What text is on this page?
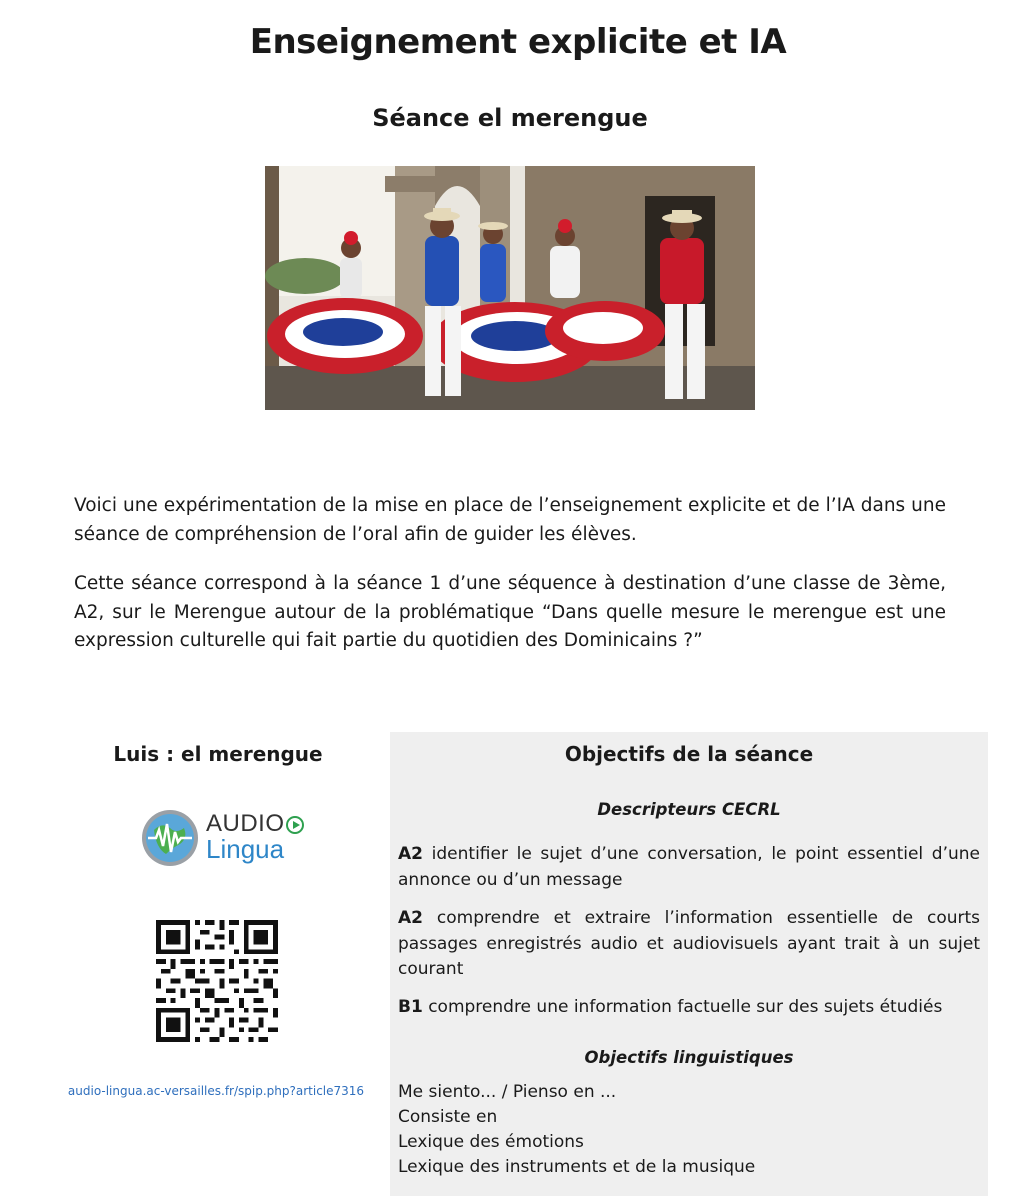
Enseignement explicite et IA
Séance el merengue

Voici une expérimentation de la mise en place de l’enseignement explicite et de l’IA dans une séance de compréhension de l’oral afin de guider les élèves.

Cette séance correspond à la séance 1 d’une séquence à destination d’une classe de 3ème, A2, sur le Merengue autour de la problématique “Dans quelle mesure le merengue est une expression culturelle qui fait partie du quotidien des Dominicains ?”

Luis : el merengue
AUDIO
Lingua
audio-lingua.ac-versailles.fr/spip.php?article7316
Objectifs de la séance

Descripteurs CECRL

A2 identifier le sujet d’une conversation, le point essentiel d’une annonce ou d’un message

A2 comprendre et extraire l’information essentielle de courts passages enregistrés audio et audiovisuels ayant trait à un sujet courant

B1 comprendre une information factuelle sur des sujets étudiés

Objectifs linguistiques

Me siento... / Pienso en ...
Consiste en
Lexique des émotions
Lexique des instruments et de la musique
